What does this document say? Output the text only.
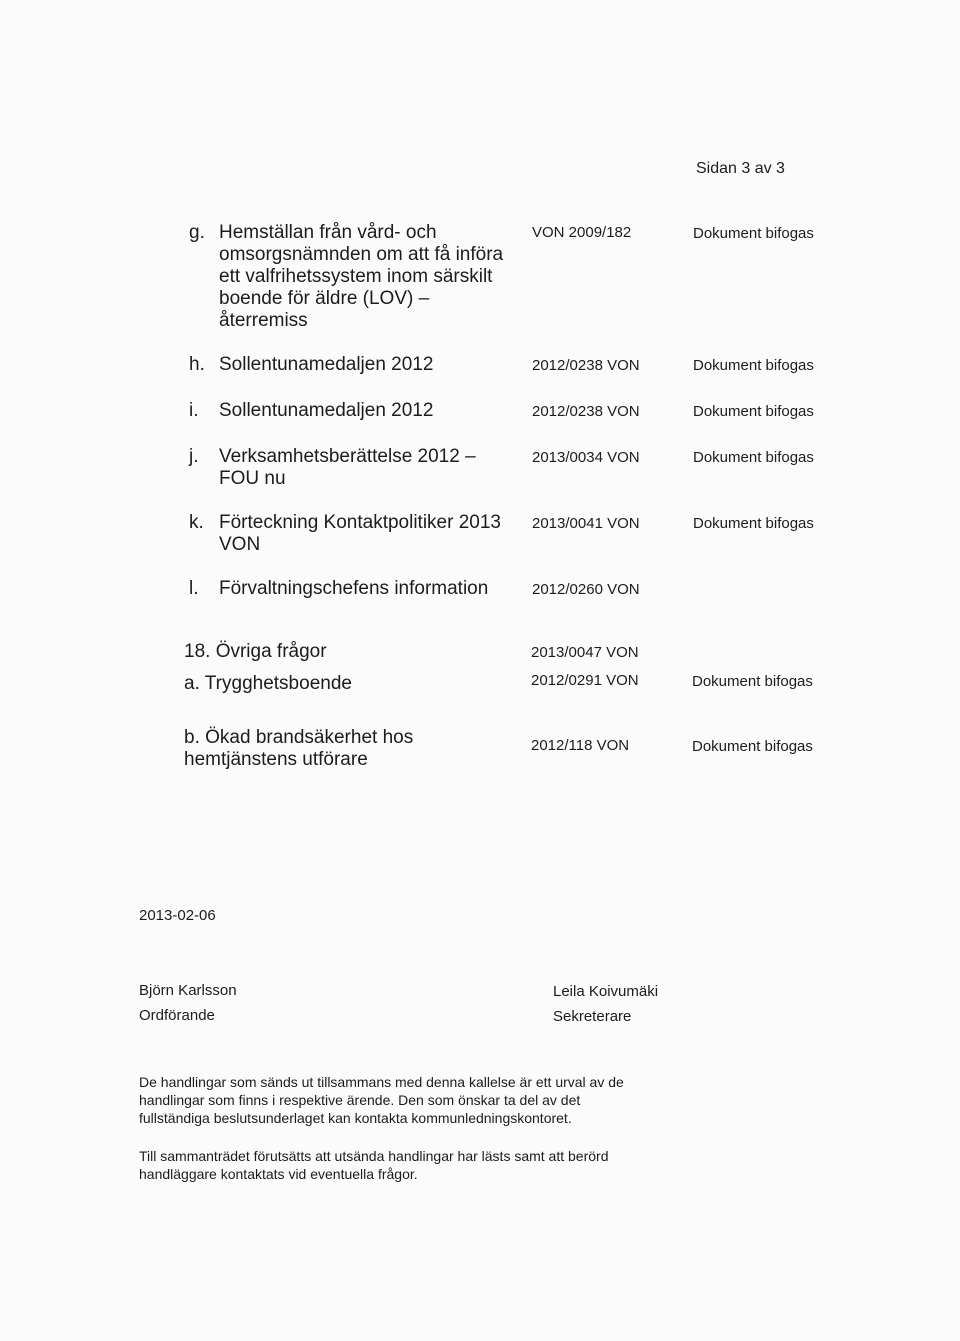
Sidan 3 av 3
g. Hemställan från vård- och
omsorgsnämnden om att få införa
ett valfrihetssystem inom särskilt
boende för äldre (LOV) –
återremiss
VON 2009/182	Dokument bifogas
h. Sollentunamedaljen 2012	2012/0238 VON	Dokument bifogas
i. Sollentunamedaljen 2012	2012/0238 VON	Dokument bifogas
j. Verksamhetsberättelse 2012 –
FOU nu
2013/0034 VON	Dokument bifogas
k. Förteckning Kontaktpolitiker 2013
VON
2013/0041 VON	Dokument bifogas
l. Förvaltningschefens information	2012/0260 VON
18. Övriga frågor	2013/0047 VON
a. Trygghetsboende	2012/0291 VON	Dokument bifogas
b. Ökad brandsäkerhet hos
hemtjänstens utförare
2012/118 VON	Dokument bifogas
2013-02-06
Björn Karlsson
Ordförande
Leila Koivumäki
Sekreterare
De handlingar som sänds ut tillsammans med denna kallelse är ett urval av de
handlingar som finns i respektive ärende. Den som önskar ta del av det
fullständiga beslutsunderlaget kan kontakta kommunledningskontoret.
Till sammanträdet förutsätts att utsända handlingar har lästs samt att berörd
handläggare kontaktats vid eventuella frågor.
